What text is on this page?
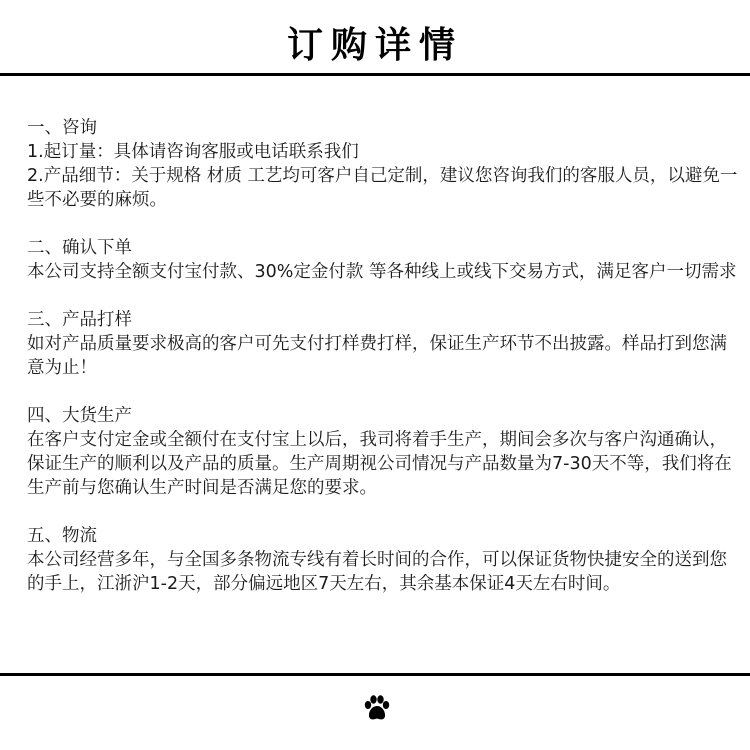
订购详情
一、咨询

1.起订量：具体请咨询客服或电话联系我们

2.产品细节：关于规格 材质 工艺均可客户自己定制，建议您咨询我们的客服人员，以避免一些不必要的麻烦。

二、确认下单

本公司支持全额支付宝付款、30%定金付款 等各种线上或线下交易方式，满足客户一切需求

三、产品打样

如对产品质量要求极高的客户可先支付打样费打样，保证生产环节不出披露。样品打到您满意为止！

四、大货生产

在客户支付定金或全额付在支付宝上以后，我司将着手生产，期间会多次与客户沟通确认，保证生产的顺利以及产品的质量。生产周期视公司情况与产品数量为7-30天不等，我们将在生产前与您确认生产时间是否满足您的要求。

五、物流

本公司经营多年，与全国多条物流专线有着长时间的合作，可以保证货物快捷安全的送到您的手上，江浙沪1-2天，部分偏远地区7天左右，其余基本保证4天左右时间。
